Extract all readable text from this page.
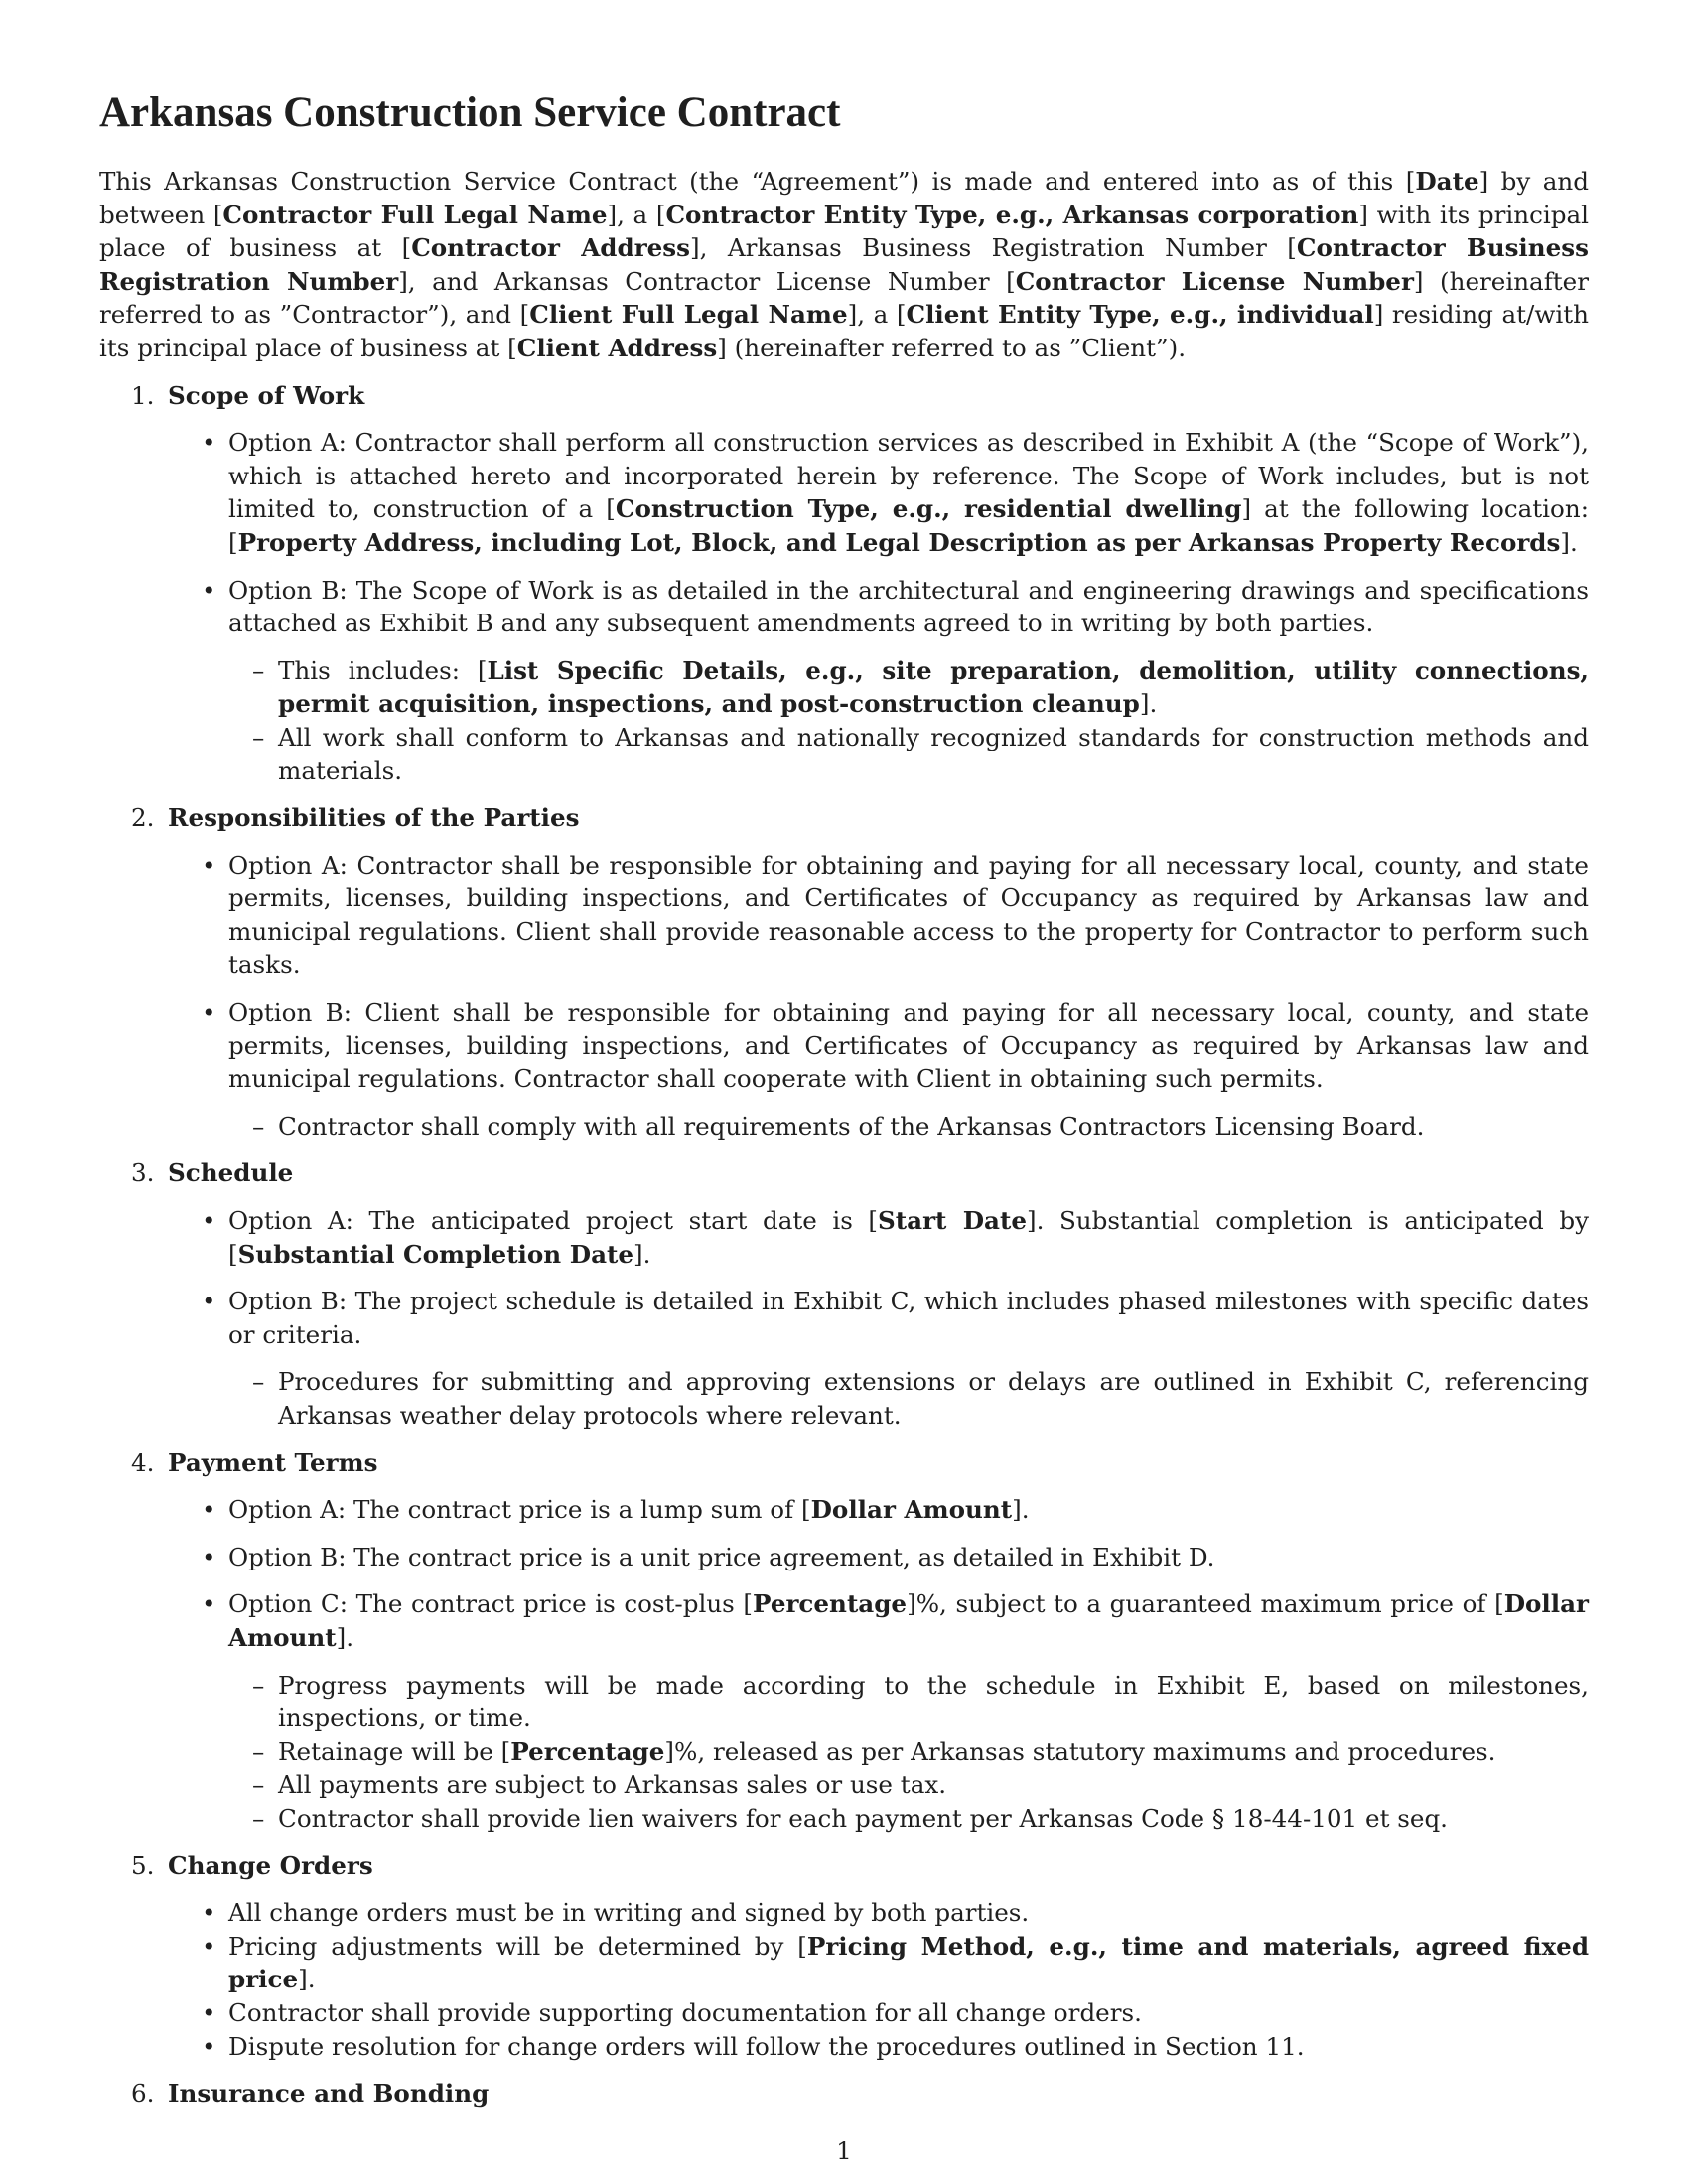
Arkansas Construction Service Contract

This Arkansas Construction Service Contract (the “Agreement”) is made and entered into as of this [Date] by and between [Contractor Full Legal Name], a [Contractor Entity Type, e.g., Arkansas corporation] with its principal place of business at [Contractor Address], Arkansas Business Registration Number [Contractor Business Registration Number], and Arkansas Contractor License Number [Contractor License Number] (hereinafter referred to as ”Contractor”), and [Client Full Legal Name], a [Client Entity Type, e.g., individual] residing at/with its principal place of business at [Client Address] (hereinafter referred to as ”Client”).

1. Scope of Work
• Option A: Contractor shall perform all construction services as described in Exhibit A (the “Scope of Work”), which is attached hereto and incorporated herein by reference. The Scope of Work includes, but is not limited to, construction of a [Construction Type, e.g., residential dwelling] at the following location: [Property Address, including Lot, Block, and Legal Description as per Arkansas Property Records].
• Option B: The Scope of Work is as detailed in the architectural and engineering drawings and specifications attached as Exhibit B and any subsequent amendments agreed to in writing by both parties.
– This includes: [List Specific Details, e.g., site preparation, demolition, utility connections, permit acquisition, inspections, and post-construction cleanup].
– All work shall conform to Arkansas and nationally recognized standards for construction methods and materials.
2. Responsibilities of the Parties
• Option A: Contractor shall be responsible for obtaining and paying for all necessary local, county, and state permits, licenses, building inspections, and Certificates of Occupancy as required by Arkansas law and municipal regulations. Client shall provide reasonable access to the property for Contractor to perform such tasks.
• Option B: Client shall be responsible for obtaining and paying for all necessary local, county, and state permits, licenses, building inspections, and Certificates of Occupancy as required by Arkansas law and municipal regulations. Contractor shall cooperate with Client in obtaining such permits.
– Contractor shall comply with all requirements of the Arkansas Contractors Licensing Board.
3. Schedule
• Option A: The anticipated project start date is [Start Date]. Substantial completion is anticipated by [Substantial Completion Date].
• Option B: The project schedule is detailed in Exhibit C, which includes phased milestones with specific dates or criteria.
– Procedures for submitting and approving extensions or delays are outlined in Exhibit C, referencing Arkansas weather delay protocols where relevant.
4. Payment Terms
• Option A: The contract price is a lump sum of [Dollar Amount].
• Option B: The contract price is a unit price agreement, as detailed in Exhibit D.
• Option C: The contract price is cost-plus [Percentage]%, subject to a guaranteed maximum price of [Dollar Amount].
– Progress payments will be made according to the schedule in Exhibit E, based on milestones, inspections, or time.
– Retainage will be [Percentage]%, released as per Arkansas statutory maximums and procedures.
– All payments are subject to Arkansas sales or use tax.
– Contractor shall provide lien waivers for each payment per Arkansas Code § 18-44-101 et seq.
5. Change Orders
• All change orders must be in writing and signed by both parties.
• Pricing adjustments will be determined by [Pricing Method, e.g., time and materials, agreed fixed price].
• Contractor shall provide supporting documentation for all change orders.
• Dispute resolution for change orders will follow the procedures outlined in Section 11.
6. Insurance and Bonding
1
